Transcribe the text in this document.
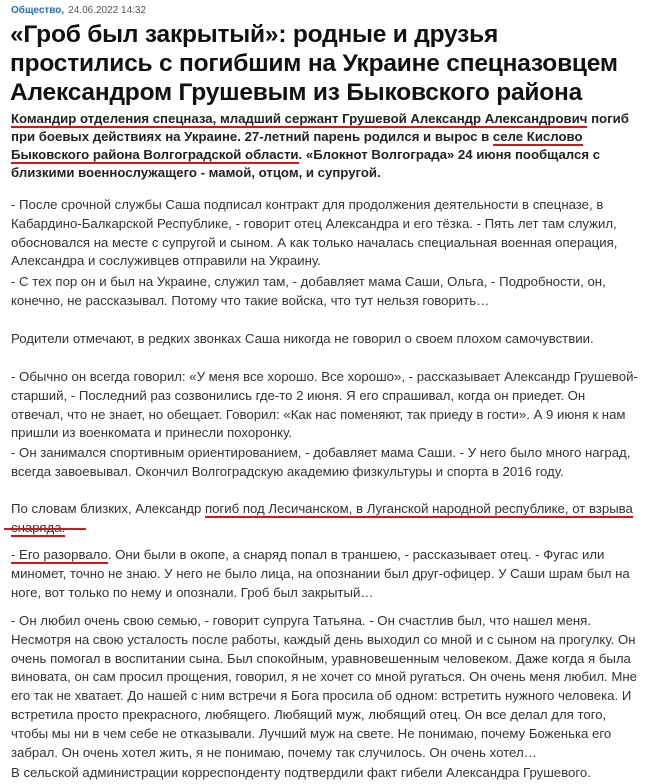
Общество, 24.06.2022 14:32
«Гроб был закрытый»: родные и друзья простились с погибшим на Украине спецназовцем Александром Грушевым из Быковского района

Командир отделения спецназа, младший сержант Грушевой Александр Александрович погиб при боевых действиях на Украине. 27-летний парень родился и вырос в селе Кислово Быковского района Волгоградской области. «Блокнот Волгограда» 24 июня пообщался с близкими военнослужащего - мамой, отцом, и супругой.

- После срочной службы Саша подписал контракт для продолжения деятельности в спецназе, в Кабардино-Балкарской Республике, - говорит отец Александра и его тёзка. - Пять лет там служил, обосновался на месте с супругой и сыном. А как только началась специальная военная операция, Александра и сослуживцев отправили на Украину.

- С тех пор он и был на Украине, служил там, - добавляет мама Саши, Ольга, - Подробности, он, конечно, не рассказывал. Потому что такие войска, что тут нельзя говорить…

Родители отмечают, в редких звонках Саша никогда не говорил о своем плохом самочувствии.

- Обычно он всегда говорил: «У меня все хорошо. Все хорошо», - рассказывает Александр Грушевой-старший, - Последний раз созвонились где-то 2 июня. Я его спрашивал, когда он приедет. Он отвечал, что не знает, но обещает. Говорил: «Как нас поменяют, так приеду в гости». А 9 июня к нам пришли из военкомата и принесли похоронку.

- Он занимался спортивным ориентированием, - добавляет мама Саши. - У него было много наград, всегда завоевывал. Окончил Волгоградскую академию физкультуры и спорта в 2016 году.

По словам близких, Александр погиб под Лесичанском, в Луганской народной республике, от взрыва

- Его разорвало. Они были в окопе, а снаряд попал в траншею, - рассказывает отец. - Фугас или миномет, точно не знаю. У него не было лица, на опознании был друг-офицер. У Саши шрам был на ноге, вот только по нему и опознали. Гроб был закрытый…

- Он любил очень свою семью, - говорит супруга Татьяна. - Он счастлив был, что нашел меня. Несмотря на свою усталость после работы, каждый день выходил со мной и с сыном на прогулку. Он очень помогал в воспитании сына. Был спокойным, уравновешенным человеком. Даже когда я была виновата, он сам просил прощения, говорил, я не хочет со мной ругаться. Он очень меня любил. Мне его так не хватает. До нашей с ним встречи я Бога просила об одном: встретить нужного человека. И встретила просто прекрасного, любящего. Любящий муж, любящий отец. Он все делал для того, чтобы мы ни в чем себе не отказывали. Лучший муж на свете. Не понимаю, почему Боженька его забрал. Он очень хотел жить, я не понимаю, почему так случилось. Он очень хотел…

В сельской администрации корреспонденту подтвердили факт гибели Александра Грушевого.
